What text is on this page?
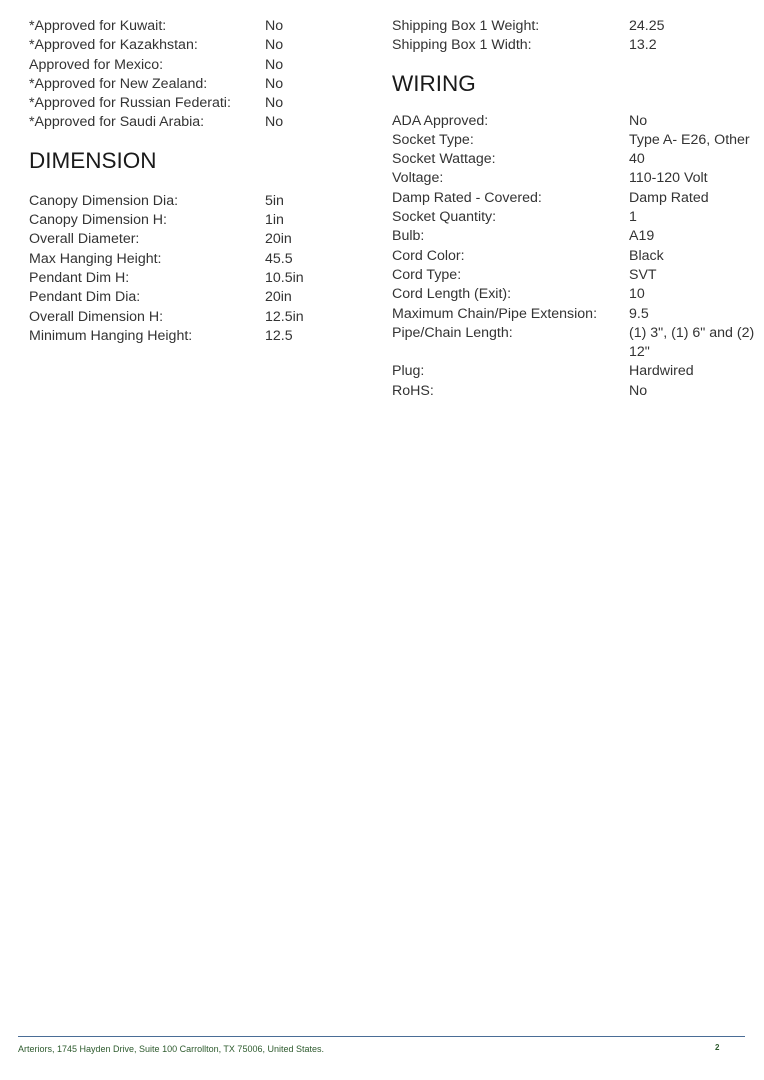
*Approved for Kuwait:	No
*Approved for Kazakhstan:	No
Approved for Mexico:	No
*Approved for New Zealand:	No
*Approved for Russian Federati:	No
*Approved for Saudi Arabia:	No
DIMENSION
Canopy Dimension Dia:	5in
Canopy Dimension H:	1in
Overall Diameter:	20in
Max Hanging Height:	45.5
Pendant Dim H:	10.5in
Pendant Dim Dia:	20in
Overall Dimension H:	12.5in
Minimum Hanging Height:	12.5
Shipping Box 1 Weight:	24.25
Shipping Box 1 Width:	13.2
WIRING
ADA Approved:	No
Socket Type:	Type A- E26, Other
Socket Wattage:	40
Voltage:	110-120 Volt
Damp Rated - Covered:	Damp Rated
Socket Quantity:	1
Bulb:	A19
Cord Color:	Black
Cord Type:	SVT
Cord Length (Exit):	10
Maximum Chain/Pipe Extension:	9.5
Pipe/Chain Length:	(1) 3", (1) 6" and (2) 12"
Plug:	Hardwired
RoHS:	No
Arteriors, 1745 Hayden Drive, Suite 100 Carrollton, TX 75006, United States.	2
